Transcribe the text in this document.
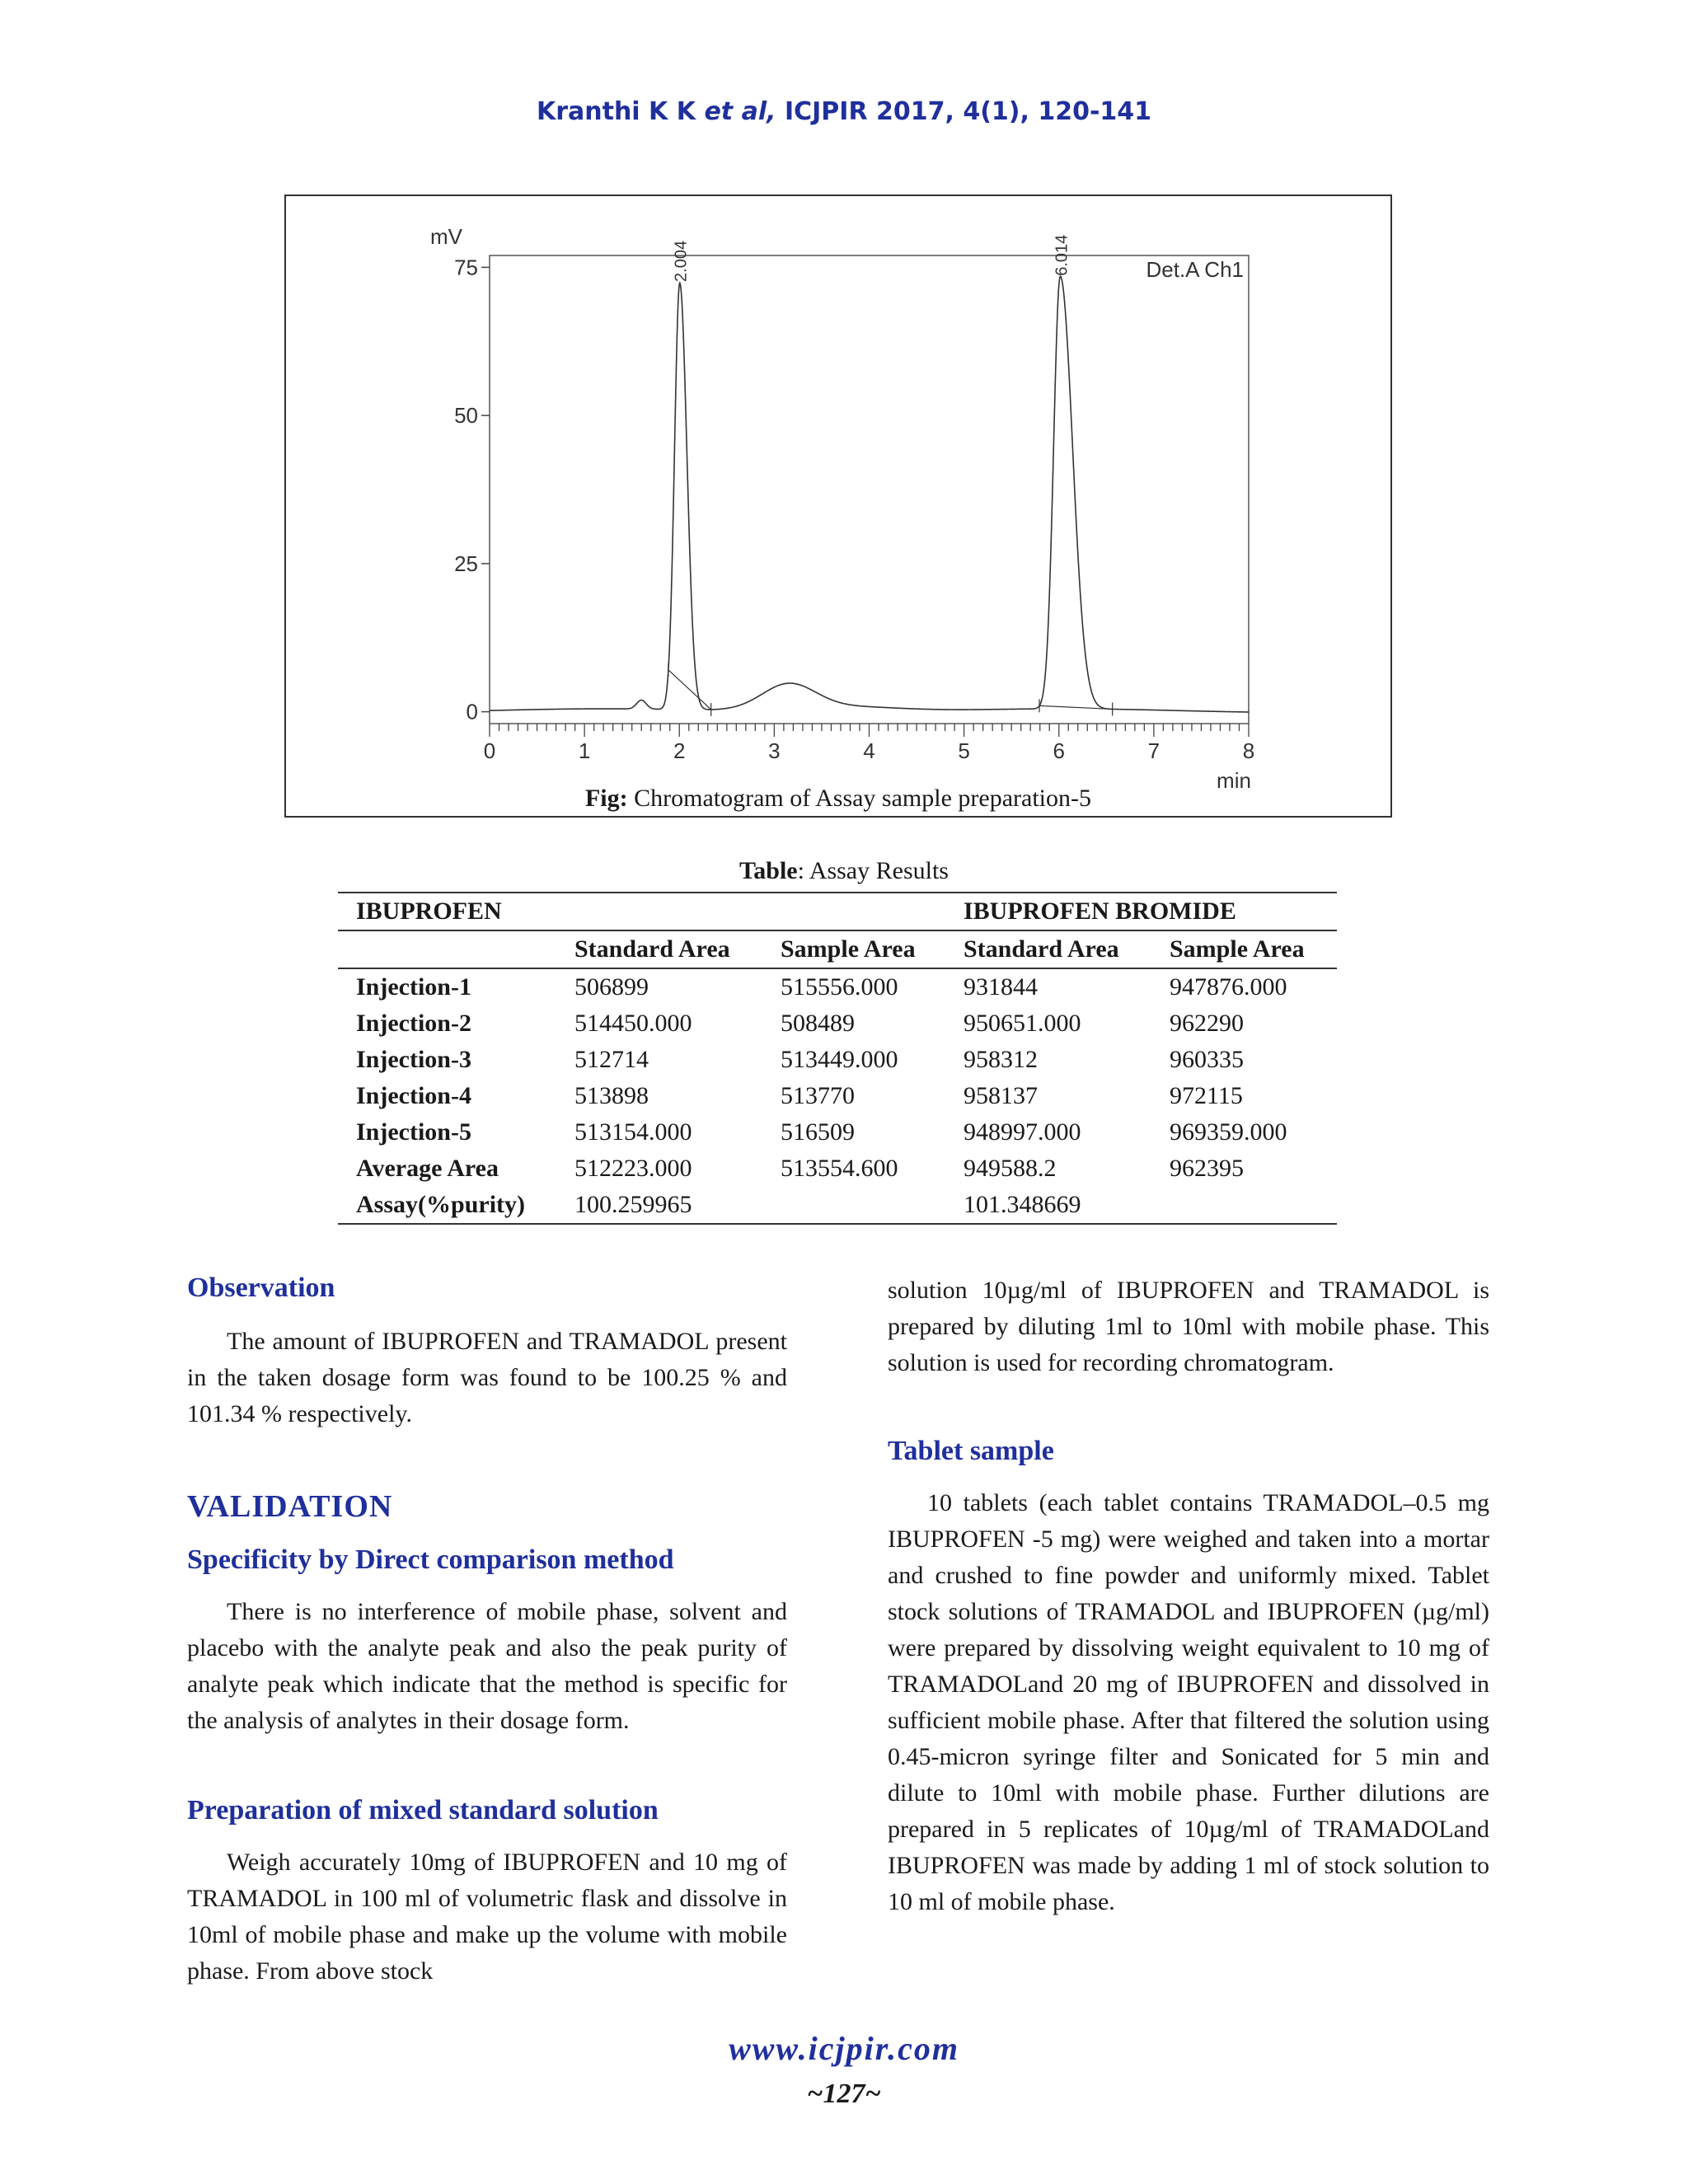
Kranthi K K et al, ICJPIR 2017, 4(1), 120-141
0
25
50
75
0	1	2	3	4	5	6	7	8
mV
min
Det.A Ch1
2.004	6.014
Fig: Chromatogram of Assay sample preparation-5
Table: Assay Results
IBUPROFEN			IBUPROFEN BROMIDE	
	Standard Area	Sample Area	Standard Area	Sample Area
Injection-1	506899	515556.000	931844	947876.000
Injection-2	514450.000	508489	950651.000	962290
Injection-3	512714	513449.000	958312	960335
Injection-4	513898	513770	958137	972115
Injection-5	513154.000	516509	948997.000	969359.000
Average Area	512223.000	513554.600	949588.2	962395
Assay(%purity)	100.259965		101.348669	
Observation
The amount of IBUPROFEN and TRAMADOL present in the taken dosage form was found to be 100.25 % and 101.34 % respectively.
VALIDATION
Specificity by Direct comparison method
There is no interference of mobile phase, solvent and placebo with the analyte peak and also the peak purity of analyte peak which indicate that the method is specific for the analysis of analytes in their dosage form.
Preparation of mixed standard solution
Weigh accurately 10mg of IBUPROFEN and 10 mg of TRAMADOL in 100 ml of volumetric flask and dissolve in 10ml of mobile phase and make up the volume with mobile phase. From above stock
solution 10µg/ml of IBUPROFEN and TRAMADOL is prepared by diluting 1ml to 10ml with mobile phase. This solution is used for recording chromatogram.
Tablet sample
10 tablets (each tablet contains TRAMADOL–0.5 mg IBUPROFEN -5 mg) were weighed and taken into a mortar and crushed to fine powder and uniformly mixed. Tablet stock solutions of TRAMADOL and IBUPROFEN (µg/ml) were prepared by dissolving weight equivalent to 10 mg of TRAMADOLand 20 mg of IBUPROFEN and dissolved in sufficient mobile phase. After that filtered the solution using 0.45-micron syringe filter and Sonicated for 5 min and dilute to 10ml with mobile phase. Further dilutions are prepared in 5 replicates of 10µg/ml of TRAMADOLand IBUPROFEN was made by adding 1 ml of stock solution to 10 ml of mobile phase.
www.icjpir.com
~127~
